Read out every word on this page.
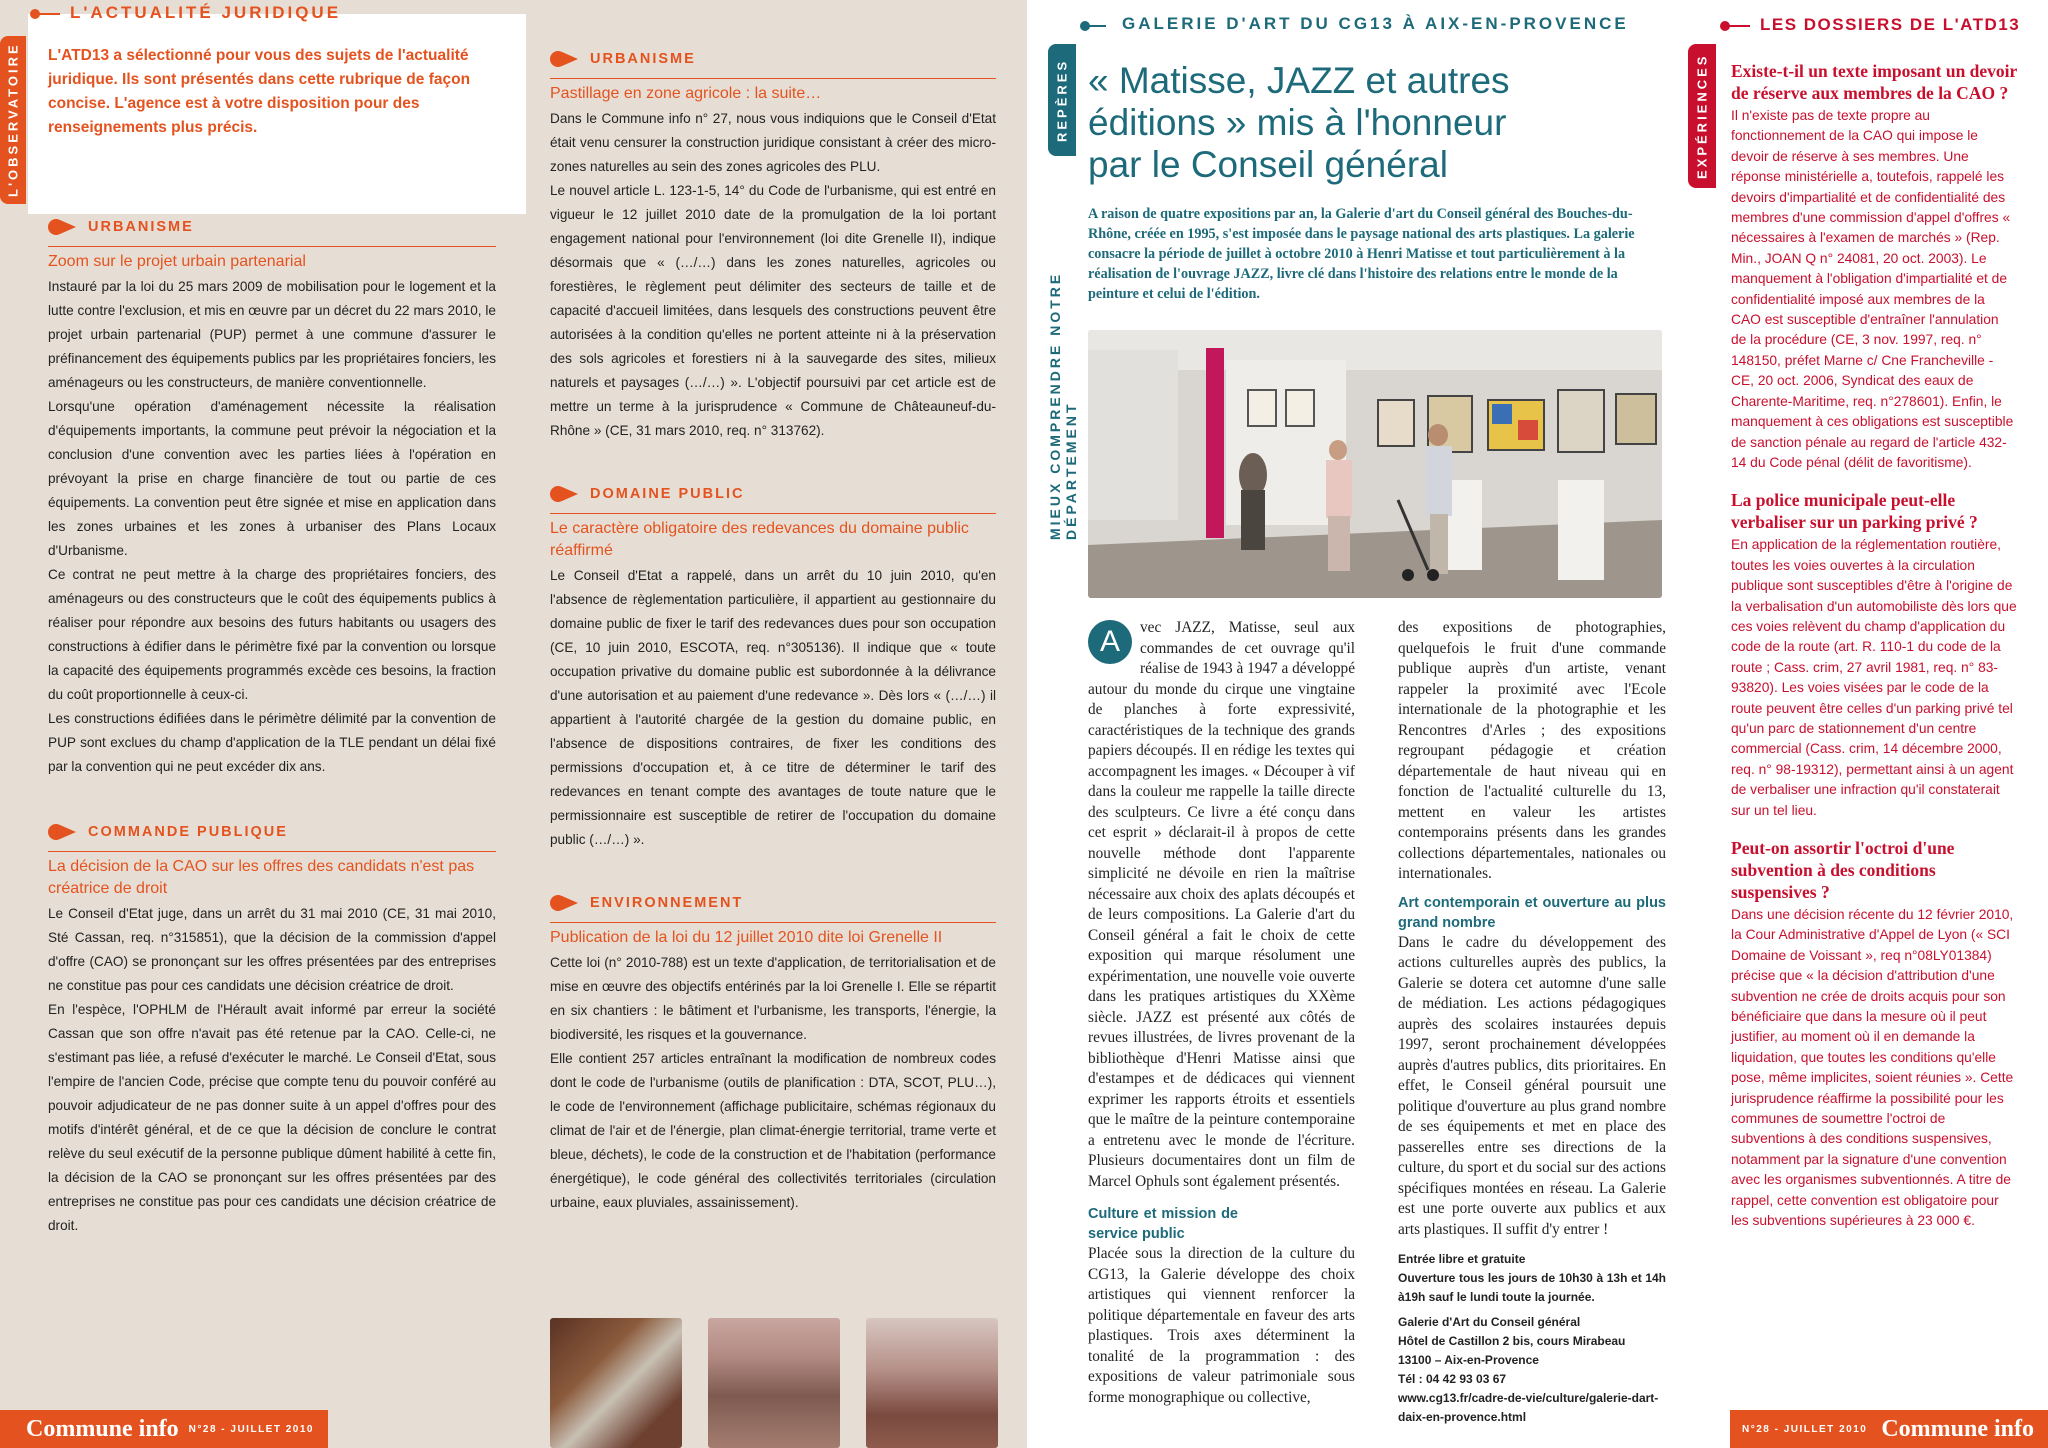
L'OBSERVATOIRE
L'ACTUALITÉ JURIDIQUE
L'ATD13 a sélectionné pour vous des sujets de l'actualité juridique. Ils sont présentés dans cette rubrique de façon concise. L'agence est à votre disposition pour des renseignements plus précis.
URBANISME
Zoom sur le projet urbain partenarial

Instauré par la loi du 25 mars 2009 de mobilisation pour le logement et la lutte contre l'exclusion, et mis en œuvre par un décret du 22 mars 2010, le projet urbain partenarial (PUP) permet à une commune d'assurer le préfinancement des équipements publics par les propriétaires fonciers, les aménageurs ou les constructeurs, de manière conventionnelle.

Lorsqu'une opération d'aménagement nécessite la réalisation d'équipements importants, la commune peut prévoir la négociation et la conclusion d'une convention avec les parties liées à l'opération en prévoyant la prise en charge financière de tout ou partie de ces équipements. La convention peut être signée et mise en application dans les zones urbaines et les zones à urbaniser des Plans Locaux d'Urbanisme.

Ce contrat ne peut mettre à la charge des propriétaires fonciers, des aménageurs ou des constructeurs que le coût des équipements publics à réaliser pour répondre aux besoins des futurs habitants ou usagers des constructions à édifier dans le périmètre fixé par la convention ou lorsque la capacité des équipements programmés excède ces besoins, la fraction du coût proportionnelle à ceux-ci.

Les constructions édifiées dans le périmètre délimité par la convention de PUP sont exclues du champ d'application de la TLE pendant un délai fixé par la convention qui ne peut excéder dix ans.

COMMANDE PUBLIQUE
La décision de la CAO sur les offres des candidats n'est pas créatrice de droit

Le Conseil d'Etat juge, dans un arrêt du 31 mai 2010 (CE, 31 mai 2010, Sté Cassan, req. n°315851), que la décision de la commission d'appel d'offre (CAO) se prononçant sur les offres présentées par des entreprises ne constitue pas pour ces candidats une décision créatrice de droit.

En l'espèce, l'OPHLM de l'Hérault avait informé par erreur la société Cassan que son offre n'avait pas été retenue par la CAO. Celle-ci, ne s'estimant pas liée, a refusé d'exécuter le marché. Le Conseil d'Etat, sous l'empire de l'ancien Code, précise que compte tenu du pouvoir conféré au pouvoir adjudicateur de ne pas donner suite à un appel d'offres pour des motifs d'intérêt général, et de ce que la décision de conclure le contrat relève du seul exécutif de la personne publique dûment habilité à cette fin, la décision de la CAO se prononçant sur les offres présentées par des entreprises ne constitue pas pour ces candidats une décision créatrice de droit.

URBANISME
Pastillage en zone agricole : la suite…

Dans le Commune info n° 27, nous vous indiquions que le Conseil d'Etat était venu censurer la construction juridique consistant à créer des micro-zones naturelles au sein des zones agricoles des PLU.

Le nouvel article L. 123-1-5, 14° du Code de l'urbanisme, qui est entré en vigueur le 12 juillet 2010 date de la promulgation de la loi portant engagement national pour l'environnement (loi dite Grenelle II), indique désormais que « (…/…) dans les zones naturelles, agricoles ou forestières, le règlement peut délimiter des secteurs de taille et de capacité d'accueil limitées, dans lesquels des constructions peuvent être autorisées à la condition qu'elles ne portent atteinte ni à la préservation des sols agricoles et forestiers ni à la sauvegarde des sites, milieux naturels et paysages (…/…) ». L'objectif poursuivi par cet article est de mettre un terme à la jurisprudence « Commune de Châteauneuf-du-Rhône » (CE, 31 mars 2010, req. n° 313762).

DOMAINE PUBLIC
Le caractère obligatoire des redevances du domaine public réaffirmé

Le Conseil d'Etat a rappelé, dans un arrêt du 10 juin 2010, qu'en l'absence de règlementation particulière, il appartient au gestionnaire du domaine public de fixer le tarif des redevances dues pour son occupation (CE, 10 juin 2010, ESCOTA, req. n°305136). Il indique que « toute occupation privative du domaine public est subordonnée à la délivrance d'une autorisation et au paiement d'une redevance ». Dès lors « (…/…) il appartient à l'autorité chargée de la gestion du domaine public, en l'absence de dispositions contraires, de fixer les conditions des permissions d'occupation et, à ce titre de déterminer le tarif des redevances en tenant compte des avantages de toute nature que le permissionnaire est susceptible de retirer de l'occupation du domaine public (…/…) ».

ENVIRONNEMENT
Publication de la loi du 12 juillet 2010 dite loi Grenelle II

Cette loi (n° 2010-788) est un texte d'application, de territorialisation et de mise en œuvre des objectifs entérinés par la loi Grenelle I. Elle se répartit en six chantiers : le bâtiment et l'urbanisme, les transports, l'énergie, la biodiversité, les risques et la gouvernance.

Elle contient 257 articles entraînant la modification de nombreux codes dont le code de l'urbanisme (outils de planification : DTA, SCOT, PLU…), le code de l'environnement (affichage publicitaire, schémas régionaux du climat de l'air et de l'énergie, plan climat-énergie territorial, trame verte et bleue, déchets), le code de la construction et de l'habitation (performance énergétique), le code général des collectivités territoriales (circulation urbaine, eaux pluviales, assainissement).

Commune info N°28 - JUILLET 2010
REPÈRES
MIEUX COMPRENDRE NOTRE DÉPARTEMENT
GALERIE D'ART DU CG13 À AIX-EN-PROVENCE
« Matisse, JAZZ et autres éditions » mis à l'honneur par le Conseil général
A raison de quatre expositions par an, la Galerie d'art du Conseil général des Bouches-du-Rhône, créée en 1995, s'est imposée dans le paysage national des arts plastiques. La galerie consacre la période de juillet à octobre 2010 à Henri Matisse et tout particulièrement à la réalisation de l'ouvrage JAZZ, livre clé dans l'histoire des relations entre le monde de la peinture et celui de l'édition.
A	vec JAZZ, Matisse, seul aux commandes de cet ouvrage qu'il réalise de 1943 à 1947 a développé autour du monde du cirque une vingtaine de planches à forte expressivité, caractéristiques de la technique des grands papiers découpés. Il en rédige les textes qui accompagnent les images. « Découper à vif dans la couleur me rappelle la taille directe des sculpteurs. Ce livre a été conçu dans cet esprit » déclarait-il à propos de cette nouvelle méthode dont l'apparente simplicité ne dévoile en rien la maîtrise nécessaire aux choix des aplats découpés et de leurs compositions. La Galerie d'art du Conseil général a fait le choix de cette exposition qui marque résolument une expérimentation, une nouvelle voie ouverte dans les pratiques artistiques du XXème siècle. JAZZ est présenté aux côtés de revues illustrées, de livres provenant de la bibliothèque d'Henri Matisse ainsi que d'estampes et de dédicaces qui viennent exprimer les rapports étroits et essentiels que le maître de la peinture contemporaine a entretenu avec le monde de l'écriture. Plusieurs documentaires dont un film de Marcel Ophuls sont également présentés.
Culture et mission de service public

Placée sous la direction de la culture du CG13, la Galerie développe des choix artistiques qui viennent renforcer la politique départementale en faveur des arts plastiques. Trois axes déterminent la tonalité de la programmation : des expositions de valeur patrimoniale sous forme monographique ou collective,

des expositions de photographies, quelquefois le fruit d'une commande publique auprès d'un artiste, venant rappeler la proximité avec l'Ecole internationale de la photographie et les Rencontres d'Arles ; des expositions regroupant pédagogie et création départementale de haut niveau qui en fonction de l'actualité culturelle du 13, mettent en valeur les artistes contemporains présents dans les grandes collections départementales, nationales ou internationales.

Art contemporain et ouverture au plus grand nombre

Dans le cadre du développement des actions culturelles auprès des publics, la Galerie se dotera cet automne d'une salle de médiation. Les actions pédagogiques auprès des scolaires instaurées depuis 1997, seront prochainement développées auprès d'autres publics, dits prioritaires. En effet, le Conseil général poursuit une politique d'ouverture au plus grand nombre de ses équipements et met en place des passerelles entre ses directions de la culture, du sport et du social sur des actions spécifiques montées en réseau. La Galerie est une porte ouverte aux publics et aux arts plastiques. Il suffit d'y entrer !

Entrée libre et gratuite
Ouverture tous les jours de 10h30 à 13h et 14h à19h sauf le lundi toute la journée.
Galerie d'Art du Conseil général
Hôtel de Castillon 2 bis, cours Mirabeau
13100 – Aix-en-Provence
Tél : 04 42 93 03 67
www.cg13.fr/cadre-de-vie/culture/galerie-dart-daix-en-provence.html
EXPÉRIENCES
LES DOSSIERS DE L'ATD13
Existe-t-il un texte imposant un devoir de réserve aux membres de la CAO ?
Il n'existe pas de texte propre au fonctionnement de la CAO qui impose le devoir de réserve à ses membres. Une réponse ministérielle a, toutefois, rappelé les devoirs d'impartialité et de confidentialité des membres d'une commission d'appel d'offres « nécessaires à l'examen de marchés » (Rep. Min., JOAN Q n° 24081, 20 oct. 2003). Le manquement à l'obligation d'impartialité et de confidentialité imposé aux membres de la CAO est susceptible d'entraîner l'annulation de la procédure (CE, 3 nov. 1997, req. n° 148150, préfet Marne c/ Cne Francheville - CE, 20 oct. 2006, Syndicat des eaux de Charente-Maritime, req. n°278601). Enfin, le manquement à ces obligations est susceptible de sanction pénale au regard de l'article 432-14 du Code pénal (délit de favoritisme).
La police municipale peut-elle verbaliser sur un parking privé ?
En application de la réglementation routière, toutes les voies ouvertes à la circulation publique sont susceptibles d'être à l'origine de la verbalisation d'un automobiliste dès lors que ces voies relèvent du champ d'application du code de la route (art. R. 110-1 du code de la route ; Cass. crim, 27 avril 1981, req. n° 83-93820). Les voies visées par le code de la route peuvent être celles d'un parking privé tel qu'un parc de stationnement d'un centre commercial (Cass. crim, 14 décembre 2000, req. n° 98-19312), permettant ainsi à un agent de verbaliser une infraction qu'il constaterait sur un tel lieu.
Peut-on assortir l'octroi d'une subvention à des conditions suspensives ?
Dans une décision récente du 12 février 2010, la Cour Administrative d'Appel de Lyon (« SCI Domaine de Voissant », req n°08LY01384) précise que « la décision d'attribution d'une subvention ne crée de droits acquis pour son bénéficiaire que dans la mesure où il peut justifier, au moment où il en demande la liquidation, que toutes les conditions qu'elle pose, même implicites, soient réunies ». Cette jurisprudence réaffirme la possibilité pour les communes de soumettre l'octroi de subventions à des conditions suspensives, notamment par la signature d'une convention avec les organismes subventionnés. A titre de rappel, cette convention est obligatoire pour les subventions supérieures à 23 000 €.
N°28 - JUILLET 2010 Commune info
